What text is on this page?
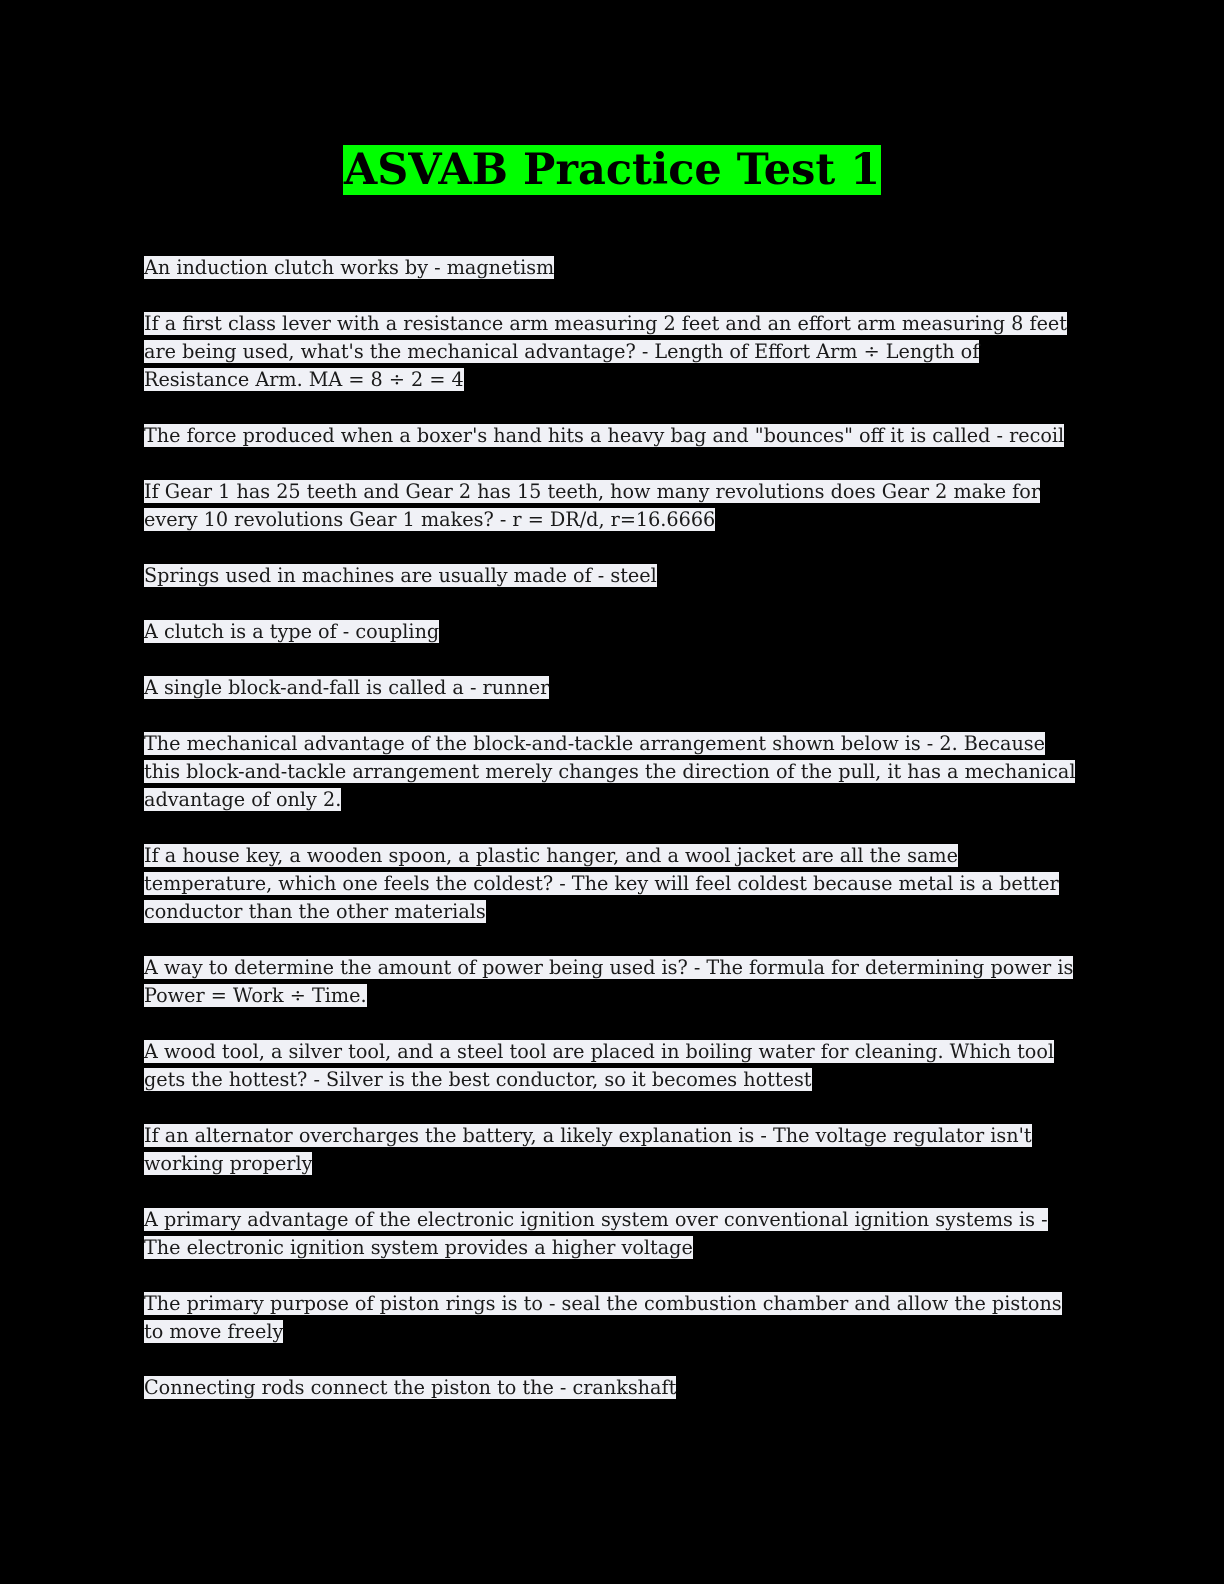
ASVAB Practice Test 1

An induction clutch works by - magnetism

If a first class lever with a resistance arm measuring 2 feet and an effort arm measuring 8 feet are being used, what's the mechanical advantage? - Length of Effort Arm ÷ Length of Resistance Arm. MA = 8 ÷ 2 = 4

The force produced when a boxer's hand hits a heavy bag and "bounces" off it is called - recoil

If Gear 1 has 25 teeth and Gear 2 has 15 teeth, how many revolutions does Gear 2 make for every 10 revolutions Gear 1 makes? - r = DR/d, r=16.6666

Springs used in machines are usually made of - steel

A clutch is a type of - coupling

A single block-and-fall is called a - runner

The mechanical advantage of the block-and-tackle arrangement shown below is - 2. Because this block-and-tackle arrangement merely changes the direction of the pull, it has a mechanical advantage of only 2.

If a house key, a wooden spoon, a plastic hanger, and a wool jacket are all the same temperature, which one feels the coldest? - The key will feel coldest because metal is a better conductor than the other materials

A way to determine the amount of power being used is? - The formula for determining power is Power = Work ÷ Time.

A wood tool, a silver tool, and a steel tool are placed in boiling water for cleaning. Which tool gets the hottest? - Silver is the best conductor, so it becomes hottest

If an alternator overcharges the battery, a likely explanation is - The voltage regulator isn't working properly

A primary advantage of the electronic ignition system over conventional ignition systems is - The electronic ignition system provides a higher voltage

The primary purpose of piston rings is to - seal the combustion chamber and allow the pistons to move freely

Connecting rods connect the piston to the - crankshaft
